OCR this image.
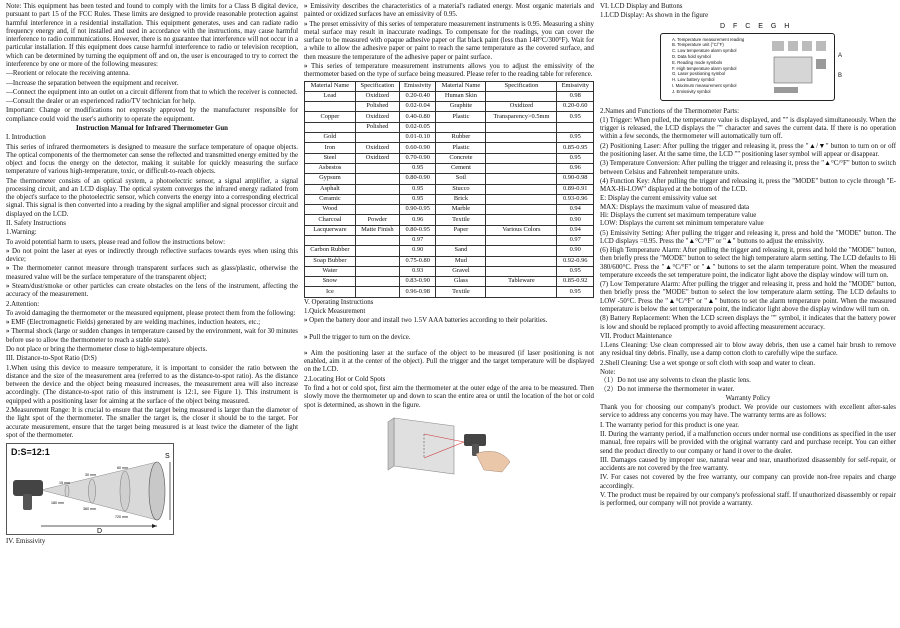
Note: This equipment has been tested and found to comply with the limits for a Class B digital device, pursuant to part 15 of the FCC Rules. These limits are designed to provide reasonable protection against harmful interference in a residential installation. This equipment generates, uses and can radiate radio frequency energy and, if not installed and used in accordance with the instructions, may cause harmful interference to radio communications. However, there is no guarantee that interference will not occur in a particular installation. If this equipment does cause harmful interference to radio or television reception, which can be determined by turning the equipment off and on, the user is encouraged to try to correct the interference by one or more of the following measures:

—Reorient or relocate the receiving antenna.

—Increase the separation between the equipment and receiver.

—Connect the equipment into an outlet on a circuit different from that to which the receiver is connected.

—Consult the dealer or an experienced radio/TV technician for help.

Important: Change or modifications not expressly approved by the manufacturer responsible for compliance could void the user's authority to operate the equipment.

Instruction Manual for Infrared Thermometer Gun

I. Introduction

This series of infrared thermometers is designed to measure the surface temperature of opaque objects. The optical components of the thermometer can sense the reflected and transmitted energy emitted by the object and focus the energy on the detector, making it suitable for quickly measuring the surface temperature of various high-temperature, toxic, or difficult-to-reach objects.

The thermometer consists of an optical system, a photoelectric sensor, a signal amplifier, a signal processing circuit, and an LCD display. The optical system converges the infrared energy radiated from the object's surface to the photoelectric sensor, which converts the energy into a corresponding electrical signal. This signal is then converted into a reading by the signal amplifier and signal processor circuit and displayed on the LCD.

II. Safety Instructions

1.Warning:

To avoid potential harm to users, please read and follow the instructions below:

» Do not point the laser at eyes or indirectly through reflective surfaces towards eyes when using this device;

» The thermometer cannot measure through transparent surfaces such as glass/plastic, otherwise the measured value will be the surface temperature of the transparent object;

» Steam/dust/smoke or other particles can create obstacles on the lens of the instrument, affecting the accuracy of the measurement.

2.Attention:

To avoid damaging the thermometer or the measured equipment, please protect them from the following:

» EMF (Electromagnetic Fields) generated by are welding machines, induction heaters, etc.;

» Thermal shock (large or sudden changes in temperature caused by the environment, wait for 30 minutes before use to allow the thermometer to reach a stable state).

Do not place or bring the thermometer close to high-temperature objects.

III. Distance-to-Spot Ratio (D:S)

1.When using this device to measure temperature, it is important to consider the ratio between the distance and the size of the measurement area (referred to as the distance-to-spot ratio). As the distance between the device and the object being measured increases, the measurement area will also increase accordingly. (The distance-to-spot ratio of this instrument is 12:1, see Figure 1). This instrument is equipped with a positioning laser for aiming at the surface of the object being measured.

2.Measurement Range: It is crucial to ensure that the target being measured is larger than the diameter of the light spot of the thermometer. The smaller the target is, the closer it should be to the target. For accurate measurement, ensure that the target being measured is at least twice the diameter of the light spot of the thermometer.

D:S=12:1
D
S
15 mm
30 mm
60 mm
180 mm
360 mm
720 mm

IV. Emissivity

» Emissivity describes the characteristics of a material's radiated energy. Most organic materials and painted or oxidized surfaces have an emissivity of 0.95.

» The preset emissivity of this series of temperature measurement instruments is 0.95. Measuring a shiny metal surface may result in inaccurate readings. To compensate for the readings, you can cover the surface to be measured with opaque adhesive paper or flat black paint (less than 148°C/300°F). Wait for a while to allow the adhesive paper or paint to reach the same temperature as the covered surface, and then measure the temperature of the adhesive paper or paint surface.

» This series of temperature measurement instruments allows you to adjust the emissivity of the thermometer based on the type of surface being measured. Please refer to the reading table for reference.

Material Name	Specification	Emissivity	Material Name	Specification	Emissivity
Lead	Oxidized	0.20-0.40	Human Skin		0.98
	Polished	0.02-0.04	Graphite	Oxidized	0.20-0.60
Copper	Oxidized	0.40-0.80	Plastic	Transparency>0.5mm	0.95
	Polished	0.02-0.05			
Gold		0.01-0.10	Rubber		0.95
Iron	Oxidized	0.60-0.90	Plastic		0.85-0.95
Steel	Oxidized	0.70-0.90	Concrete		0.95
Asbestos		0.95	Cement		0.96
Gypsum		0.80-0.90	Soil		0.90-0.98
Asphalt		0.95	Stucco		0.89-0.91
Ceramic		0.95	Brick		0.93-0.96
Wood		0.90-0.95	Marble		0.94
Charcoal	Powder	0.96	Textile		0.90
Lacquerware	Matte Finish	0.80-0.95	Paper	Various Colors	0.94
		0.97			0.97
Carbon Rubber		0.90	Sand		0.90
Soap Bubber		0.75-0.80	Mud		0.92-0.96
Water		0.93	Gravel		0.95
Snow		0.83-0.90	Glass	Tableware	0.85-0.92
Ice		0.96-0.98	Textile		0.95

V. Operating Instructions

1.Quick Measurement

» Open the battery door and install two 1.5V AAA batteries according to their polarities.

» Pull the trigger to turn on the device.

» Aim the positioning laser at the surface of the object to be measured (if laser positioning is not enabled, aim it at the center of the object). Pull the trigger and the target temperature will be displayed on the LCD.

2.Locating Hot or Cold Spots

To find a hot or cold spot, first aim the thermometer at the outer edge of the area to be measured. Then slowly move the thermometer up and down to scan the entire area or until the location of the hot or cold spot is determined, as shown in the figure.

VI. LCD Display and Buttons

1.LCD Display: As shown in the figure

D F C E G H
A. Temperature measurement reading
B. Temperature unit (°C/°F)
C. Low temperature alarm symbol
D. Data hold symbol
E. Reading mode symbols
F. High temperature alarm symbol
G. Laser positioning symbol
H. Low battery symbol
I. Maximum measurement symbol
J. Emissivity symbol
A
B

2.Names and Functions of the Thermometer Parts:

(1) Trigger: When pulled, the temperature value is displayed, and "" is displayed simultaneously. When the trigger is released, the LCD displays the "" character and saves the current data. If there is no operation within a few seconds, the thermometer will automatically turn off.

(2) Positioning Laser: After pulling the trigger and releasing it, press the "▲/▼" button to turn on or off the positioning laser. At the same time, the LCD "" positioning laser symbol will appear or disappear.

(3) Temperature Conversion: After pulling the trigger and releasing it, press the "▲°C/°F" button to switch between Celsius and Fahrenheit temperature units.

(4) Function Key: After pulling the trigger and releasing it, press the "MODE" button to cycle through "E-MAX-Hi-LOW" displayed at the bottom of the LCD.

E: Display the current emissivity value set

MAX: Displays the maximum value of measured data

Hi: Displays the current set maximum temperature value

LOW: Displays the current set minimum temperature value

(5) Emissivity Setting: After pulling the trigger and releasing it, press and hold the "MODE" button. The LCD displays =0.95. Press the "▲°C/°F" or "▲" buttons to adjust the emissivity.

(6) High Temperature Alarm: After pulling the trigger and releasing it, press and hold the "MODE" button, then briefly press the "MODE" button to select the high temperature alarm setting. The LCD defaults to Hi 380/600°C. Press the "▲°C/°F" or "▲" buttons to set the alarm temperature point. When the measured temperature exceeds the set temperature point, the indicator light above the display window will turn on.

(7) Low Temperature Alarm: After pulling the trigger and releasing it, press and hold the "MODE" button, then briefly press the "MODE" button to select the low temperature alarm setting. The LCD defaults to LOW -50°C. Press the "▲°C/°F" or "▲" buttons to set the alarm temperature point. When the measured temperature is below the set temperature point, the indicator light above the display window will turn on.

(8) Battery Replacement: When the LCD screen displays the "" symbol, it indicates that the battery power is low and should be replaced promptly to avoid affecting measurement accuracy.

VII. Product Maintenance

1.Lens Cleaning: Use clean compressed air to blow away debris, then use a camel hair brush to remove any residual tiny debris. Finally, use a damp cotton cloth to carefully wipe the surface.

2.Shell Cleaning: Use a wet sponge or soft cloth with soap and water to clean.

Note:

（1）Do not use any solvents to clean the plastic lens.

（2）Do not immerse the thermometer in water.

Warranty Policy

Thank you for choosing our company's product. We provide our customers with excellent after-sales service to address any concerns you may have. The warranty terms are as follows:

I. The warranty period for this product is one year.

II. During the warranty period, if a malfunction occurs under normal use conditions as specified in the user manual, free repairs will be provided with the original warranty card and purchase receipt. You can either send the product directly to our company or hand it over to the dealer.

III. Damages caused by improper use, natural wear and tear, unauthorized disassembly for self-repair, or accidents are not covered by the free warranty.

IV. For cases not covered by the free warranty, our company can provide non-free repairs and charge accordingly.

V. The product must be repaired by our company's professional staff. If unauthorized disassembly or repair is performed, our company will not provide a warranty.
